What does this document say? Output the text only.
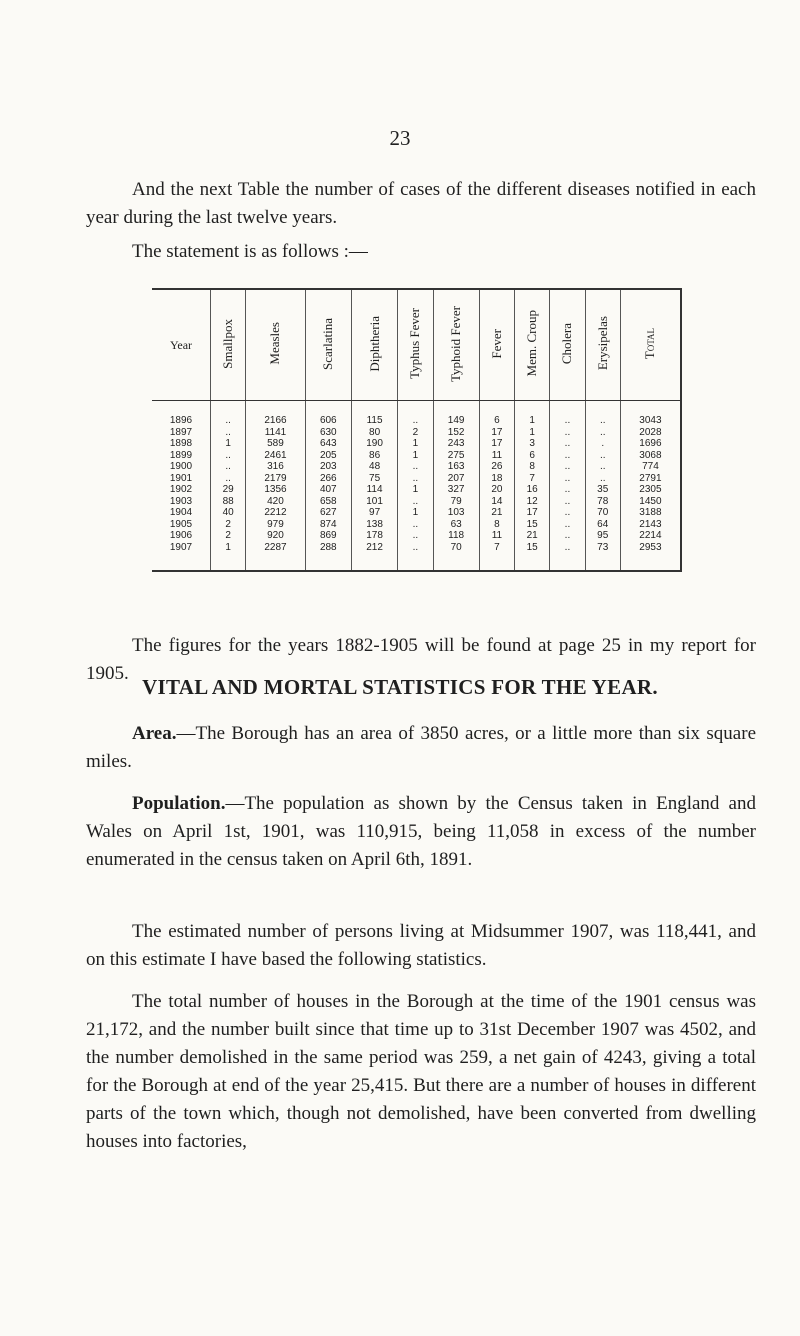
23

And the next Table the number of cases of the different diseases notified in each year during the last twelve years.

The statement is as follows :—

Year	Smallpox	Measles	Scarlatina	Diphtheria	Typhus Fever	Typhoid Fever	Fever	Mem. Croup	Cholera	Erysipelas	Total

1896	..	2166	606	115	..	149	6	1	..	..	3043
1897	..	1141	630	80	2	152	17	1	..	..	2028
1898	1	589	643	190	1	243	17	3	..	.	1696
1899	..	2461	205	86	1	275	11	6	..	..	3068
1900	..	316	203	48	..	163	26	8	..	..	774
1901	..	2179	266	75	..	207	18	7	..	..	2791
1902	29	1356	407	114	1	327	20	16	..	35	2305
1903	88	420	658	101	..	79	14	12	..	78	1450
1904	40	2212	627	97	1	103	21	17	..	70	3188
1905	2	979	874	138	..	63	8	15	..	64	2143
1906	2	920	869	178	..	118	11	21	..	95	2214
1907	1	2287	288	212	..	70	7	15	..	73	2953

The figures for the years 1882-1905 will be found at page 25 in my report for 1905.

VITAL AND MORTAL STATISTICS FOR THE YEAR.

Area.—The Borough has an area of 3850 acres, or a little more than six square miles.

Population.—The population as shown by the Census taken in England and Wales on April 1st, 1901, was 110,915, being 11,058 in excess of the number enumerated in the census taken on April 6th, 1891.

The estimated number of persons living at Midsummer 1907, was 118,441, and on this estimate I have based the following statistics.

The total number of houses in the Borough at the time of the 1901 census was 21,172, and the number built since that time up to 31st December 1907 was 4502, and the number demolished in the same period was 259, a net gain of 4243, giving a total for the Borough at end of the year 25,415. But there are a number of houses in different parts of the town which, though not demolished, have been converted from dwelling houses into factories,
